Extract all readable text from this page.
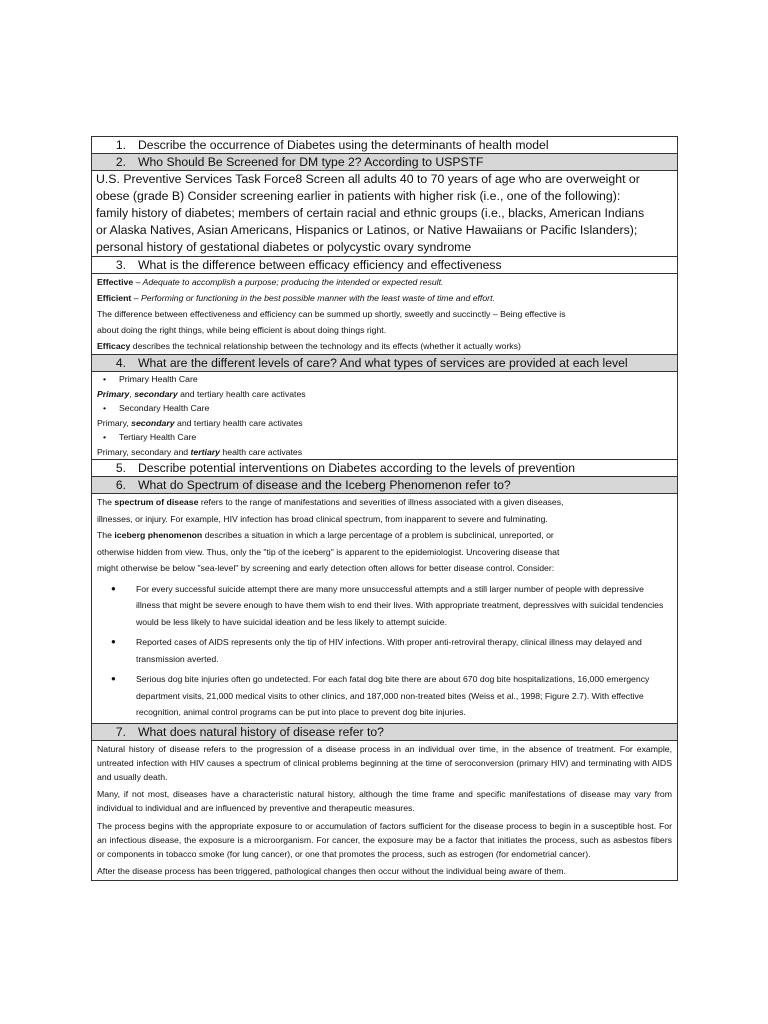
1. Describe the occurrence of Diabetes using the determinants of health model
2. Who Should Be Screened for DM type 2? According to USPSTF
U.S. Preventive Services Task Force8 Screen all adults 40 to 70 years of age who are overweight or
obese (grade B) Consider screening earlier in patients with higher risk (i.e., one of the following):
family history of diabetes; members of certain racial and ethnic groups (i.e., blacks, American Indians
or Alaska Natives, Asian Americans, Hispanics or Latinos, or Native Hawaiians or Pacific Islanders);
personal history of gestational diabetes or polycystic ovary syndrome
3. What is the difference between efficacy efficiency and effectiveness
Effective – Adequate to accomplish a purpose; producing the intended or expected result.
Efficient – Performing or functioning in the best possible manner with the least waste of time and effort.
The difference between effectiveness and efficiency can be summed up shortly, sweetly and succinctly – Being effective is
about doing the right things, while being efficient is about doing things right.
Efficacy describes the technical relationship between the technology and its effects (whether it actually works)
4. What are the different levels of care? And what types of services are provided at each level
• Primary Health Care
Primary, secondary and tertiary health care activates
• Secondary Health Care
Primary, secondary and tertiary health care activates
• Tertiary Health Care
Primary, secondary and tertiary health care activates
5. Describe potential interventions on Diabetes according to the levels of prevention
6. What do Spectrum of disease and the Iceberg Phenomenon refer to?
The spectrum of disease refers to the range of manifestations and severities of illness associated with a given diseases,
illnesses, or injury. For example, HIV infection has broad clinical spectrum, from inapparent to severe and fulminating.
The iceberg phenomenon describes a situation in which a large percentage of a problem is subclinical, unreported, or
otherwise hidden from view. Thus, only the "tip of the iceberg" is apparent to the epidemiologist. Uncovering disease that
might otherwise be below "sea-level" by screening and early detection often allows for better disease control. Consider:
● For every successful suicide attempt there are many more unsuccessful attempts and a still larger number of people with depressive illness that might be severe enough to have them wish to end their lives. With appropriate treatment, depressives with suicidal tendencies would be less likely to have suicidal ideation and be less likely to attempt suicide.
● Reported cases of AIDS represents only the tip of HIV infections. With proper anti-retroviral therapy, clinical illness may delayed and transmission averted.
● Serious dog bite injuries often go undetected. For each fatal dog bite there are about 670 dog bite hospitalizations, 16,000 emergency department visits, 21,000 medical visits to other clinics, and 187,000 non-treated bites (Weiss et al., 1998; Figure 2.7). With effective recognition, animal control programs can be put into place to prevent dog bite injuries.
7. What does natural history of disease refer to?
Natural history of disease refers to the progression of a disease process in an individual over time, in the absence of treatment. For example, untreated infection with HIV causes a spectrum of clinical problems beginning at the time of seroconversion (primary HIV) and terminating with AIDS and usually death.
Many, if not most, diseases have a characteristic natural history, although the time frame and specific manifestations of disease may vary from individual to individual and are influenced by preventive and therapeutic measures.
The process begins with the appropriate exposure to or accumulation of factors sufficient for the disease process to begin in a susceptible host. For an infectious disease, the exposure is a microorganism. For cancer, the exposure may be a factor that initiates the process, such as asbestos fibers or components in tobacco smoke (for lung cancer), or one that promotes the process, such as estrogen (for endometrial cancer).
After the disease process has been triggered, pathological changes then occur without the individual being aware of them.
